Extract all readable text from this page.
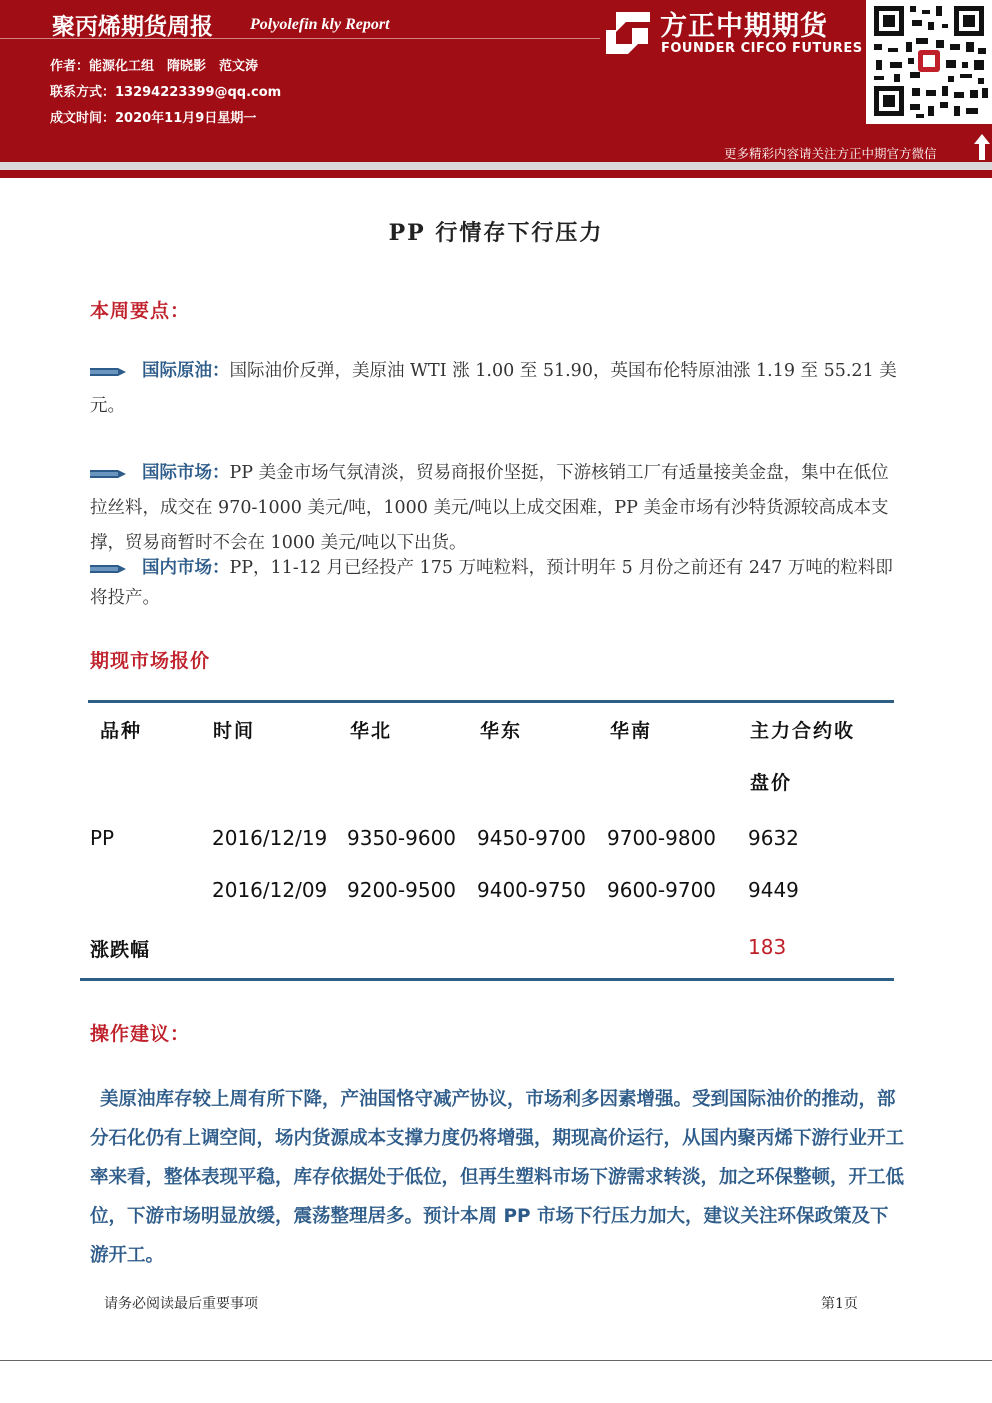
聚丙烯期货周报 Polyolefin kly Report
作者：能源化工组　隋晓影　范文涛
联系方式：13294223399@qq.com
成文时间：2020年11月9日星期一
方正中期期货
FOUNDER CIFCO FUTURES
更多精彩内容请关注方正中期官方微信
PP 行情存下行压力
本周要点：
国际原油：国际油价反弹，美原油 WTI 涨 1.00 至 51.90，英国布伦特原油涨 1.19 至 55.21 美元。
国际市场：PP 美金市场气氛清淡，贸易商报价坚挺，下游核销工厂有适量接美金盘，集中在低位拉丝料，成交在 970-1000 美元/吨，1000 美元/吨以上成交困难，PP 美金市场有沙特货源较高成本支撑，贸易商暂时不会在 1000 美元/吨以下出货。
国内市场：PP，11-12 月已经投产 175 万吨粒料，预计明年 5 月份之前还有 247 万吨的粒料即将投产。
期现市场报价
品种	时间	华北	华东	华南	主力合约收
盘价
PP	2016/12/19 9350-9600 9450-9700 9700-9800 9632
2016/12/09 9200-9500 9400-9750 9600-9700 9449
涨跌幅	183
操作建议：
美原油库存较上周有所下降，产油国恪守减产协议，市场利多因素增强。受到国际油价的推动，部分石化仍有上调空间，场内货源成本支撑力度仍将增强，期现高价运行，从国内聚丙烯下游行业开工率来看，整体表现平稳，库存依据处于低位，但再生塑料市场下游需求转淡，加之环保整顿，开工低位，下游市场明显放缓，震荡整理居多。预计本周 PP 市场下行压力加大，建议关注环保政策及下游开工。
请务必阅读最后重要事项	第1页
